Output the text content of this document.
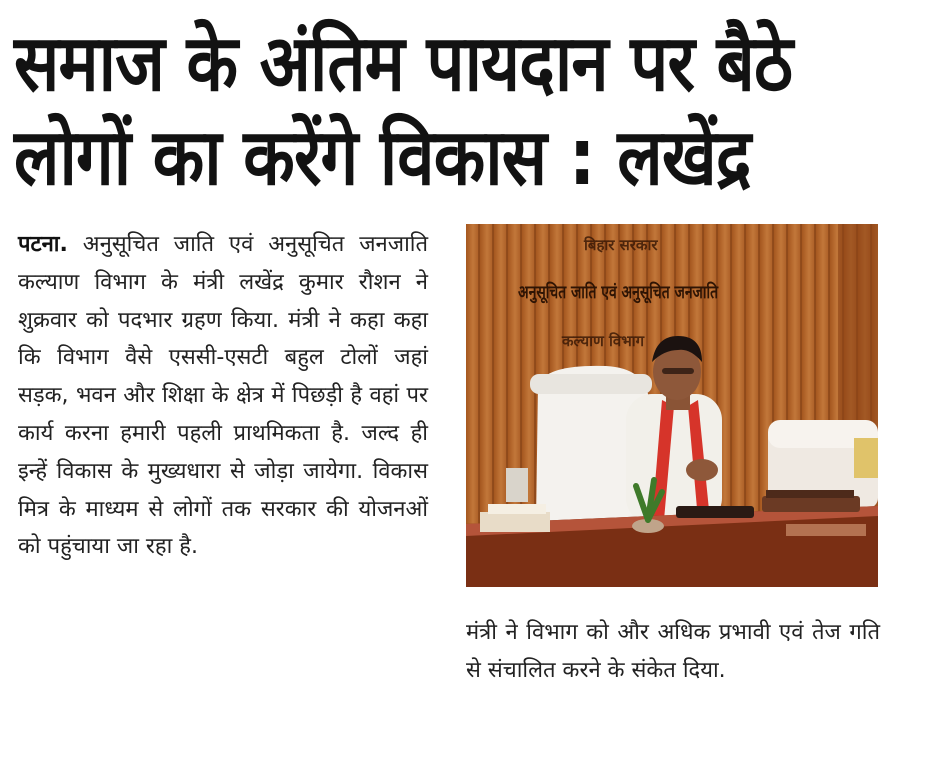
समाज के अंतिम पायदान पर बैठे
लोगों का करेंगे विकास : लखेंद्र
पटना. अनुसूचित जाति एवं अनुसूचित जनजाति कल्याण विभाग के मंत्री लखेंद्र कुमार रौशन ने शुक्रवार को पदभार ग्रहण किया. मंत्री ने कहा कहा कि विभाग वैसे एससी-एसटी बहुल टोलों जहां सड़क, भवन और शिक्षा के क्षेत्र में पिछड़ी है वहां पर कार्य करना हमारी पहली प्राथमिकता है. जल्द ही इन्हें विकास के मुख्यधारा से जोड़ा जायेगा. विकास मित्र के माध्यम से लोगों तक सरकार की योजनओं को पहुंचाया जा रहा है.
बिहार सरकार
अनुसूचित जाति एवं अनुसूचित जनजाति
कल्याण विभाग
मंत्री ने विभाग को और अधिक प्रभावी एवं तेज गति से संचालित करने के संकेत दिया.
